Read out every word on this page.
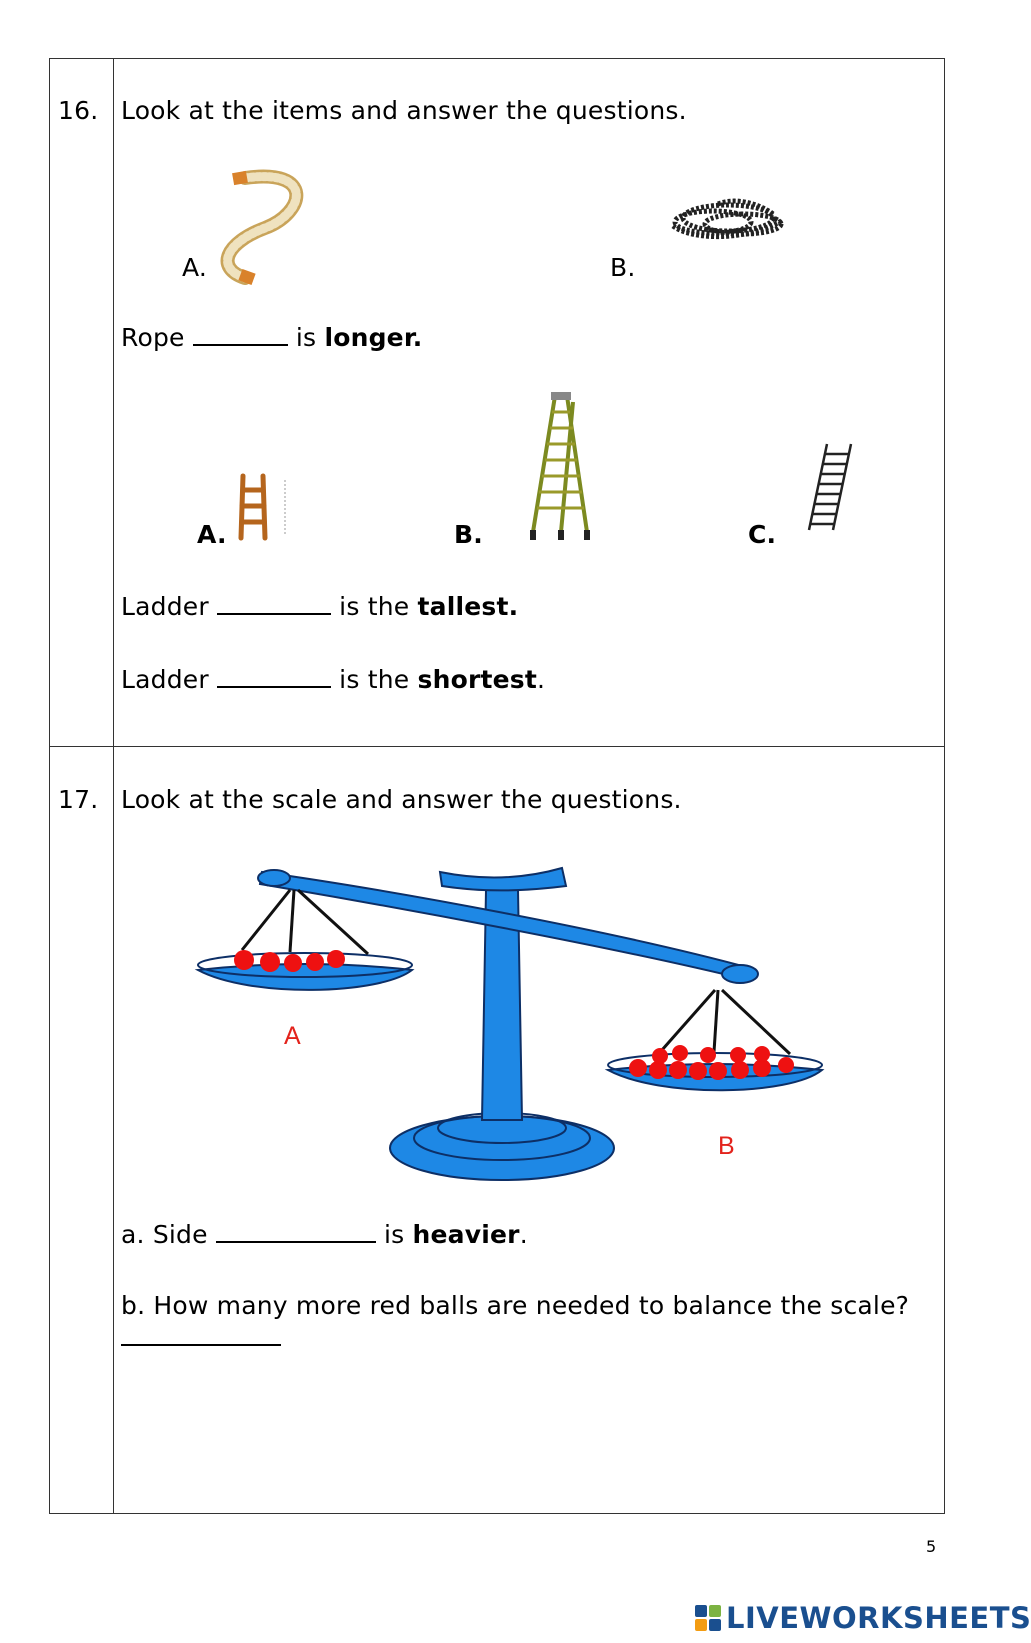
16. Look at the items and answer the questions.
A.	B.
Rope	is longer.
A.	B.	C.
Ladder	is the tallest.
Ladder	is the shortest.
17. Look at the scale and answer the questions.
A
B
a. Side	is heavier.
b. How many more red balls are needed to balance the scale?
5
LIVEWORKSHEETS
